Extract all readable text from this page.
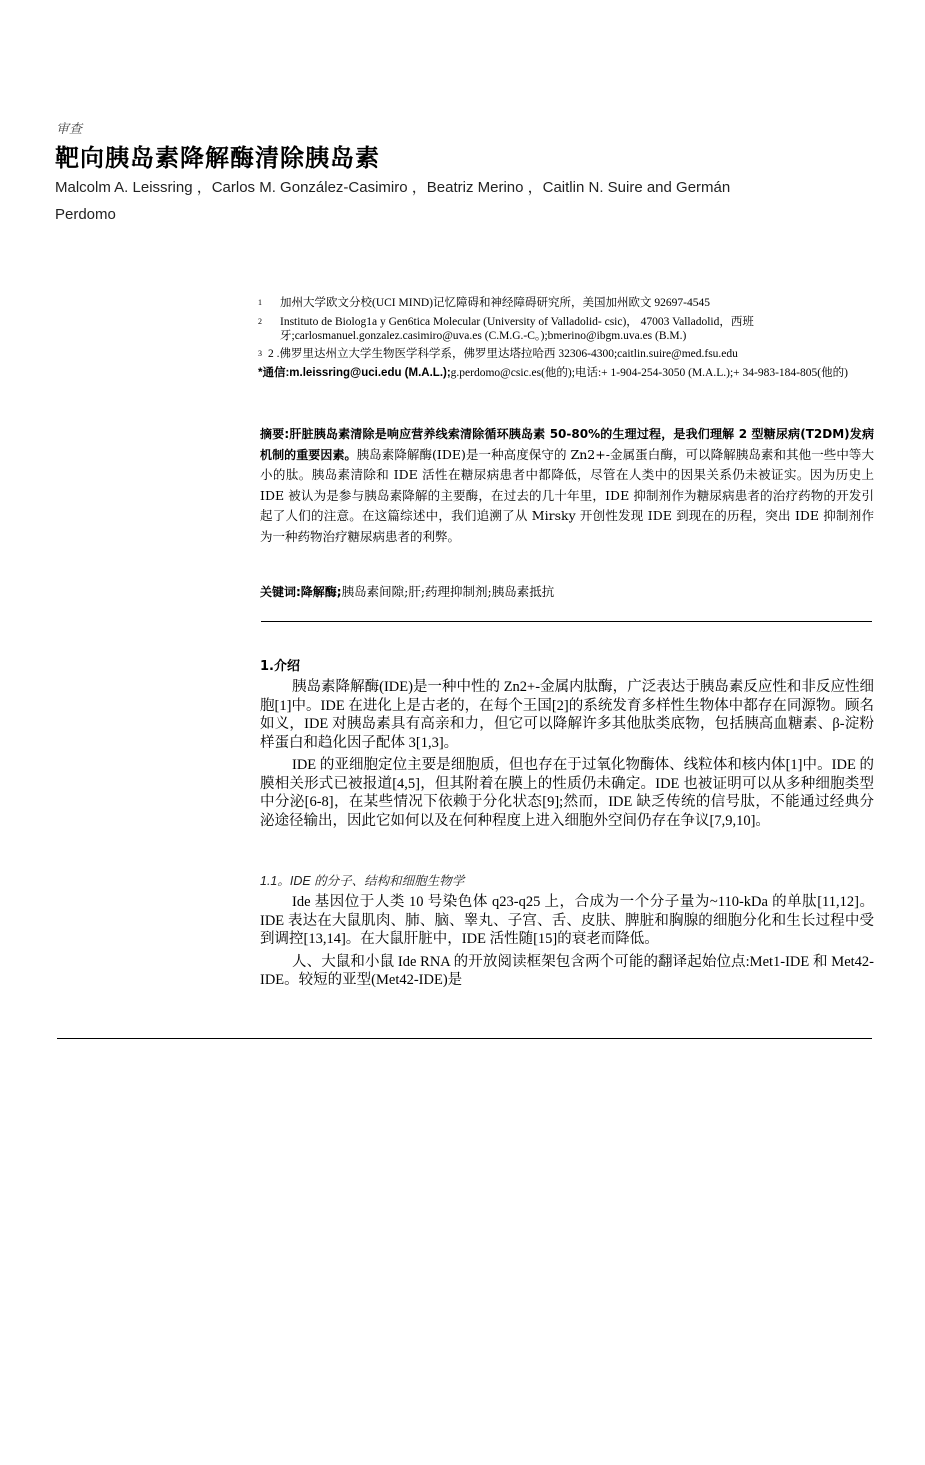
审查
靶向胰岛素降解酶清除胰岛素
Malcolm A. Leissring ，Carlos M. González-Casimiro ，Beatriz Merino ，Caitlin N. Suire and Germán Perdomo
1	加州大学欧文分校(UCI MIND)记忆障碍和神经障碍研究所，美国加州欧文 92697-4545
2	Instituto de Biolog1a y Gen6tica Molecular (University of Valladolid- csic)， 47003 Valladolid，西班牙;carlosmanuel.gonzalez.casimiro@uva.es (C.M.G.-C。);bmerino@ibgm.uva.es (B.M.)
3 2 .佛罗里达州立大学生物医学科学系，佛罗里达塔拉哈西 32306-4300;caitlin.suire@med.fsu.edu
*通信:m.leissring@uci.edu (M.A.L.);g.perdomo@csic.es(他的);电话:+ 1-904-254-3050 (M.A.L.);+ 34-983-184-805(他的)
摘要:肝脏胰岛素清除是响应营养线索清除循环胰岛素 50-80%的生理过程，是我们理解 2 型糖尿病(T2DM)发病机制的重要因素。胰岛素降解酶(IDE)是一种高度保守的 Zn2+-金属蛋白酶，可以降解胰岛素和其他一些中等大小的肽。胰岛素清除和 IDE 活性在糖尿病患者中都降低，尽管在人类中的因果关系仍未被证实。因为历史上 IDE 被认为是参与胰岛素降解的主要酶，在过去的几十年里，IDE 抑制剂作为糖尿病患者的治疗药物的开发引起了人们的注意。在这篇综述中，我们追溯了从 Mirsky 开创性发现 IDE 到现在的历程，突出 IDE 抑制剂作为一种药物治疗糖尿病患者的利弊。
关键词:降解酶;胰岛素间隙;肝;药理抑制剂;胰岛素抵抗
1.介绍

胰岛素降解酶(IDE)是一种中性的 Zn2+-金属内肽酶，广泛表达于胰岛素反应性和非反应性细胞[1]中。IDE 在进化上是古老的，在每个王国[2]的系统发育多样性生物体中都存在同源物。顾名如义，IDE 对胰岛素具有高亲和力，但它可以降解许多其他肽类底物，包括胰高血糖素、β-淀粉样蛋白和趋化因子配体 3[1,3]。

IDE 的亚细胞定位主要是细胞质，但也存在于过氧化物酶体、线粒体和核内体[1]中。IDE 的膜相关形式已被报道[4,5]，但其附着在膜上的性质仍未确定。IDE 也被证明可以从多种细胞类型中分泌[6-8]，在某些情况下依赖于分化状态[9];然而，IDE 缺乏传统的信号肽，不能通过经典分泌途径输出，因此它如何以及在何种程度上进入细胞外空间仍存在争议[7,9,10]。

1.1。IDE 的分子、结构和细胞生物学

Ide 基因位于人类 10 号染色体 q23-q25 上，合成为一个分子量为~110-kDa 的单肽[11,12]。IDE 表达在大鼠肌肉、肺、脑、睾丸、子宫、舌、皮肤、脾脏和胸腺的细胞分化和生长过程中受到调控[13,14]。在大鼠肝脏中，IDE 活性随[15]的衰老而降低。

人、大鼠和小鼠 Ide RNA 的开放阅读框架包含两个可能的翻译起始位点:Met1-IDE 和 Met42-IDE。较短的亚型(Met42-IDE)是
